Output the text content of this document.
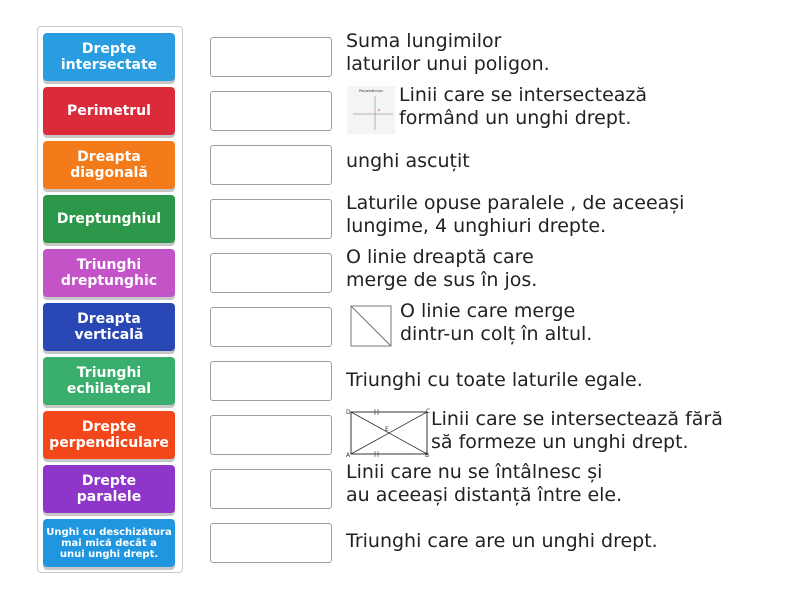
Drepte
intersectate
Perimetrul
Dreapta
diagonală
Dreptunghiul
Triunghi
dreptunghic
Dreapta
verticală
Triunghi
echilateral
Drepte
perpendiculare
Drepte
paralele
Unghi cu deschizătura
mai mică decât a
unui unghi drept.
Suma lungimilor
laturilor unui poligon.
Perpendicular Linii care se intersectează
formând un unghi drept.
unghi ascuțit
Laturile opuse paralele , de aceeași
lungime, 4 unghiuri drepte.
O linie dreaptă care
merge de sus în jos.
O linie care merge
dintr-un colț în altul.
Triunghi cu toate laturile egale.
D	C
A	B
E Linii care se intersectează fără
să formeze un unghi drept.
Linii care nu se întâlnesc și
au aceeași distanță între ele.
Triunghi care are un unghi drept.
